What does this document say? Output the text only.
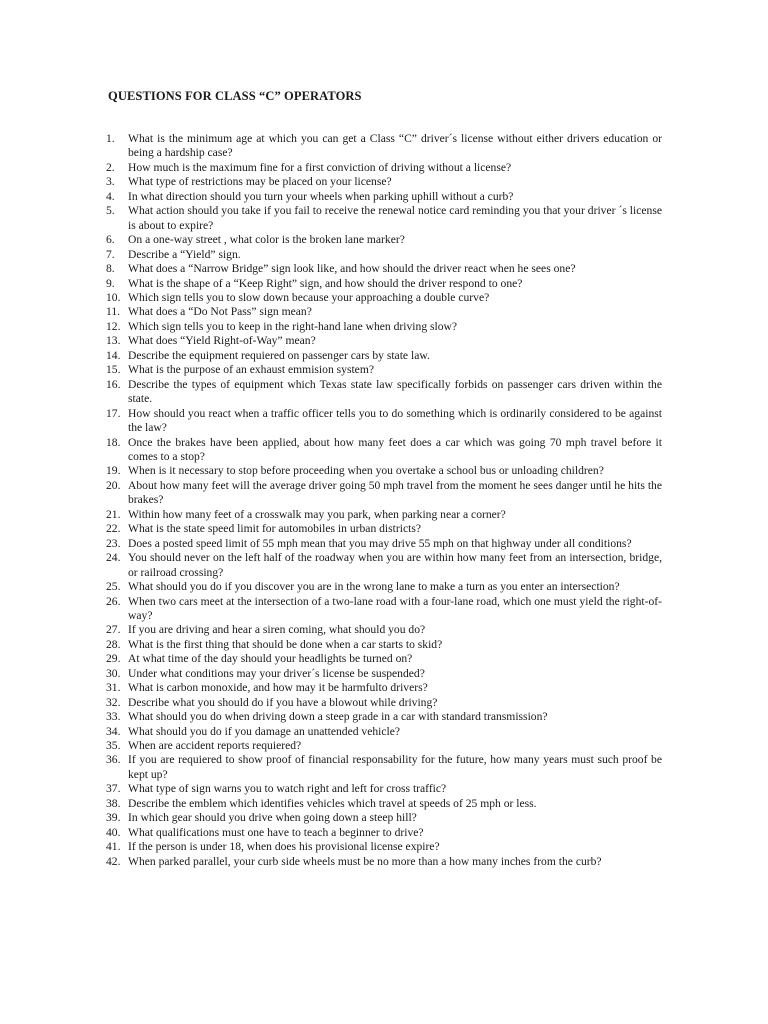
QUESTIONS FOR CLASS “C” OPERATORS
1.	What is the minimum age at which you can get a Class “C” driver´s license without either drivers education or being a hardship case?
2.	How much is the maximum fine for a first conviction of driving without a license?
3.	What type of restrictions may be placed on your license?
4.	In what direction should you turn your wheels when parking uphill without a curb?
5.	What action should you take if you fail to receive the renewal notice card reminding you that your driver ´s license is about to expire?
6.	On a one-way street , what color is the broken lane marker?
7.	Describe a “Yield” sign.
8.	What does a “Narrow Bridge” sign look like, and how should the driver react when he sees one?
9.	What is the shape of a “Keep Right” sign, and how should the driver respond to one?
10. Which sign tells you to slow down because your approaching a double curve?
11. What does a “Do Not Pass” sign mean?
12. Which sign tells you to keep in the right-hand lane when driving slow?
13. What does “Yield Right-of-Way” mean?
14. Describe the equipment requiered on passenger cars by state law.
15. What is the purpose of an exhaust emmision system?
16. Describe the types of equipment which Texas state law specifically forbids on passenger cars driven within the state.
17. How should you react when a traffic officer tells you to do something which is ordinarily considered to be against the law?
18. Once the brakes have been applied, about how many feet does a car which was going 70 mph travel before it comes to a stop?
19. When is it necessary to stop before proceeding when you overtake a school bus or unloading children?
20. About how many feet will the average driver going 50 mph travel from the moment he sees danger until he hits the brakes?
21. Within how many feet of a crosswalk may you park, when parking near a corner?
22. What is the state speed limit for automobiles in urban districts?
23. Does a posted speed limit of 55 mph mean that you may drive 55 mph on that highway under all conditions?
24. You should never on the left half of the roadway when you are within how many feet from an intersection, bridge, or railroad crossing?
25. What should you do if you discover you are in the wrong lane to make a turn as you enter an intersection?
26. When two cars meet at the intersection of a two-lane road with a four-lane road, which one must yield the right-of-way?
27. If you are driving and hear a siren coming, what should you do?
28. What is the first thing that should be done when a car starts to skid?
29. At what time of the day should your headlights be turned on?
30. Under what conditions may your driver´s license be suspended?
31. What is carbon monoxide, and how may it be harmfulto drivers?
32. Describe what you should do if you have a blowout while driving?
33. What should you do when driving down a steep grade in a car with standard transmission?
34. What should you do if you damage an unattended vehicle?
35. When are accident reports requiered?
36. If you are requiered to show proof of financial responsability for the future, how many years must such proof be kept up?
37. What type of sign warns you to watch right and left for cross traffic?
38. Describe the emblem which identifies vehicles which travel at speeds of 25 mph or less.
39. In which gear should you drive when going down a steep hill?
40. What qualifications must one have to teach a beginner to drive?
41. If the person is under 18, when does his provisional license expire?
42. When parked parallel, your curb side wheels must be no more than a how many inches from the curb?
